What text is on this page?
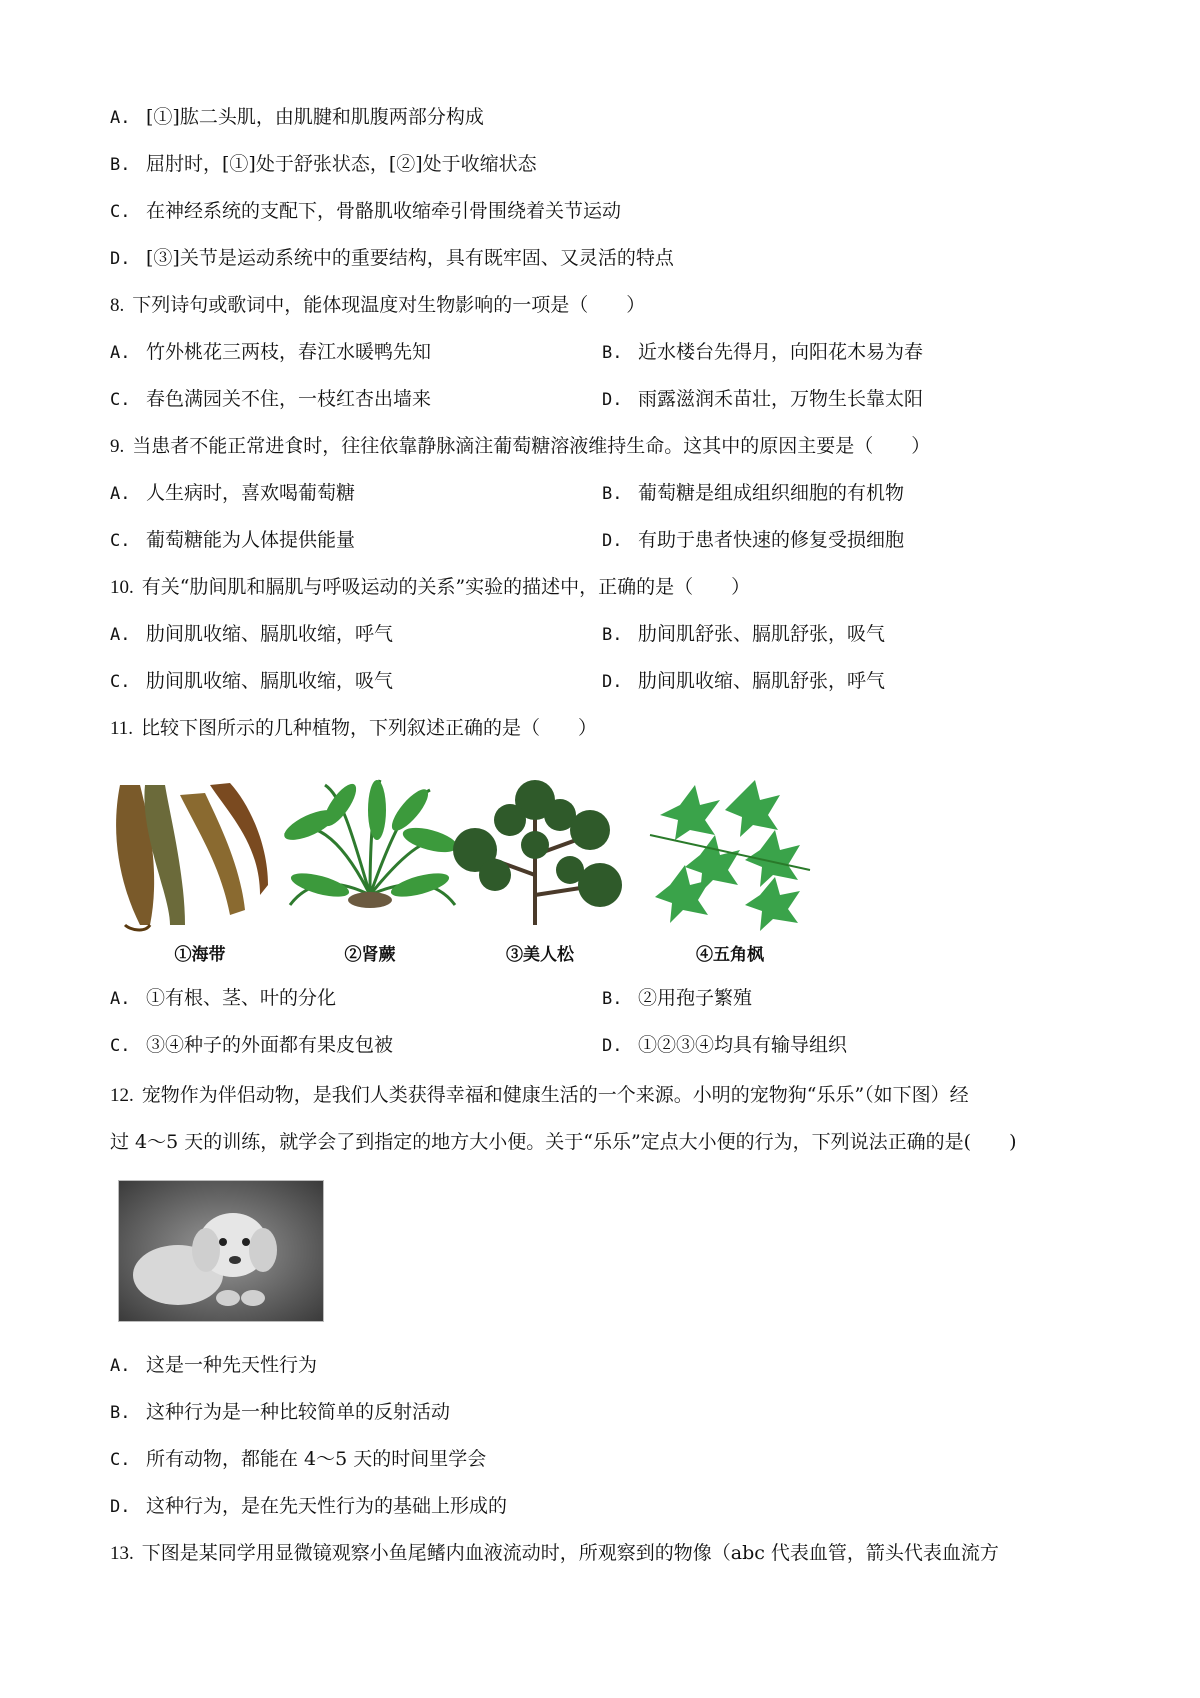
A. [①]肱二头肌，由肌腱和肌腹两部分构成
B. 屈肘时，[①]处于舒张状态，[②]处于收缩状态
C. 在神经系统的支配下，骨骼肌收缩牵引骨围绕着关节运动
D. [③]关节是运动系统中的重要结构，具有既牢固、又灵活的特点
8. 下列诗句或歌词中，能体现温度对生物影响的一项是（　　）
A. 竹外桃花三两枝，春江水暖鸭先知	B. 近水楼台先得月，向阳花木易为春
C. 春色满园关不住，一枝红杏出墙来	D. 雨露滋润禾苗壮，万物生长靠太阳
9. 当患者不能正常进食时，往往依靠静脉滴注葡萄糖溶液维持生命。这其中的原因主要是（　　）
A. 人生病时，喜欢喝葡萄糖	B. 葡萄糖是组成组织细胞的有机物
C. 葡萄糖能为人体提供能量	D. 有助于患者快速的修复受损细胞
10. 有关“肋间肌和膈肌与呼吸运动的关系”实验的描述中，正确的是（　　）
A. 肋间肌收缩、膈肌收缩，呼气	B. 肋间肌舒张、膈肌舒张，吸气
C. 肋间肌收缩、膈肌收缩，吸气	D. 肋间肌收缩、膈肌舒张，呼气
11. 比较下图所示的几种植物，下列叙述正确的是（　　）
①海带	②肾蕨	③美人松	④五角枫
A. ①有根、茎、叶的分化	B. ②用孢子繁殖
C. ③④种子的外面都有果皮包被	D. ①②③④均具有输导组织
12. 宠物作为伴侣动物，是我们人类获得幸福和健康生活的一个来源。小明的宠物狗“乐乐”（如下图）经
过 4～5 天的训练，就学会了到指定的地方大小便。关于“乐乐”定点大小便的行为，下列说法正确的是(　　)
A. 这是一种先天性行为
B. 这种行为是一种比较简单的反射活动
C. 所有动物，都能在 4～5 天的时间里学会
D. 这种行为，是在先天性行为的基础上形成的
13. 下图是某同学用显微镜观察小鱼尾鳍内血液流动时，所观察到的物像（abc 代表血管，箭头代表血流方
